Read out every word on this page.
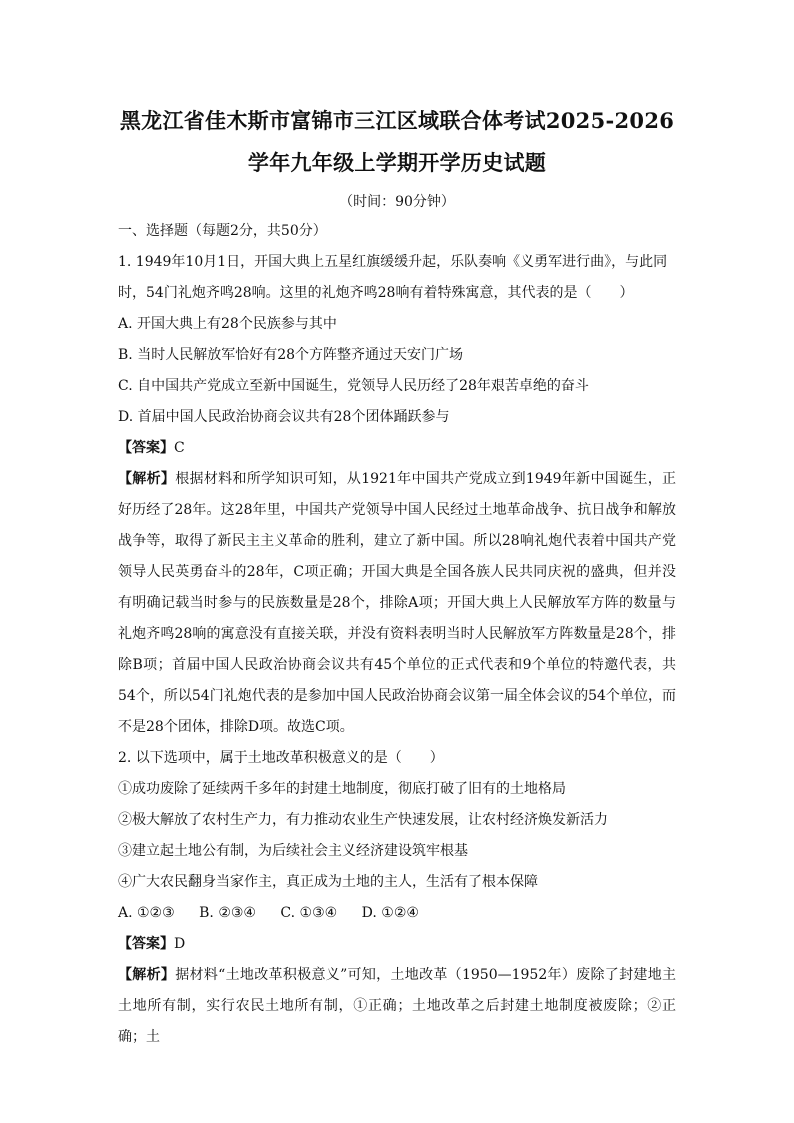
黑龙江省佳木斯市富锦市三江区域联合体考试2025-2026
学年九年级上学期开学历史试题

（时间：90分钟）

一、选择题（每题2分，共50分）

1. 1949年10月1日，开国大典上五星红旗缓缓升起，乐队奏响《义勇军进行曲》，与此同

时，54门礼炮齐鸣28响。这里的礼炮齐鸣28响有着特殊寓意，其代表的是（　　）

A. 开国大典上有28个民族参与其中

B. 当时人民解放军恰好有28个方阵整齐通过天安门广场

C. 自中国共产党成立至新中国诞生，党领导人民历经了28年艰苦卓绝的奋斗

D. 首届中国人民政治协商会议共有28个团体踊跃参与

【答案】C

【解析】根据材料和所学知识可知，从1921年中国共产党成立到1949年新中国诞生，正好历经了28年。这28年里，中国共产党领导中国人民经过土地革命战争、抗日战争和解放战争等，取得了新民主主义革命的胜利，建立了新中国。所以28响礼炮代表着中国共产党领导人民英勇奋斗的28年，C项正确；开国大典是全国各族人民共同庆祝的盛典，但并没有明确记载当时参与的民族数量是28个，排除A项；开国大典上人民解放军方阵的数量与礼炮齐鸣28响的寓意没有直接关联，并没有资料表明当时人民解放军方阵数量是28个，排除B项；首届中国人民政治协商会议共有45个单位的正式代表和9个单位的特邀代表，共54个，所以54门礼炮代表的是参加中国人民政治协商会议第一届全体会议的54个单位，而不是28个团体，排除D项。故选C项。

2. 以下选项中，属于土地改革积极意义的是（　　）

①成功废除了延续两千多年的封建土地制度，彻底打破了旧有的土地格局

②极大解放了农村生产力，有力推动农业生产快速发展，让农村经济焕发新活力

③建立起土地公有制，为后续社会主义经济建设筑牢根基

④广大农民翻身当家作主，真正成为土地的主人，生活有了根本保障

A. ①②③ B. ②③④ C. ①③④ D. ①②④

【答案】D

【解析】据材料“土地改革积极意义”可知，土地改革（1950—1952年）废除了封建地主土地所有制，实行农民土地所有制，①正确；土地改革之后封建土地制度被废除；②正确；土
